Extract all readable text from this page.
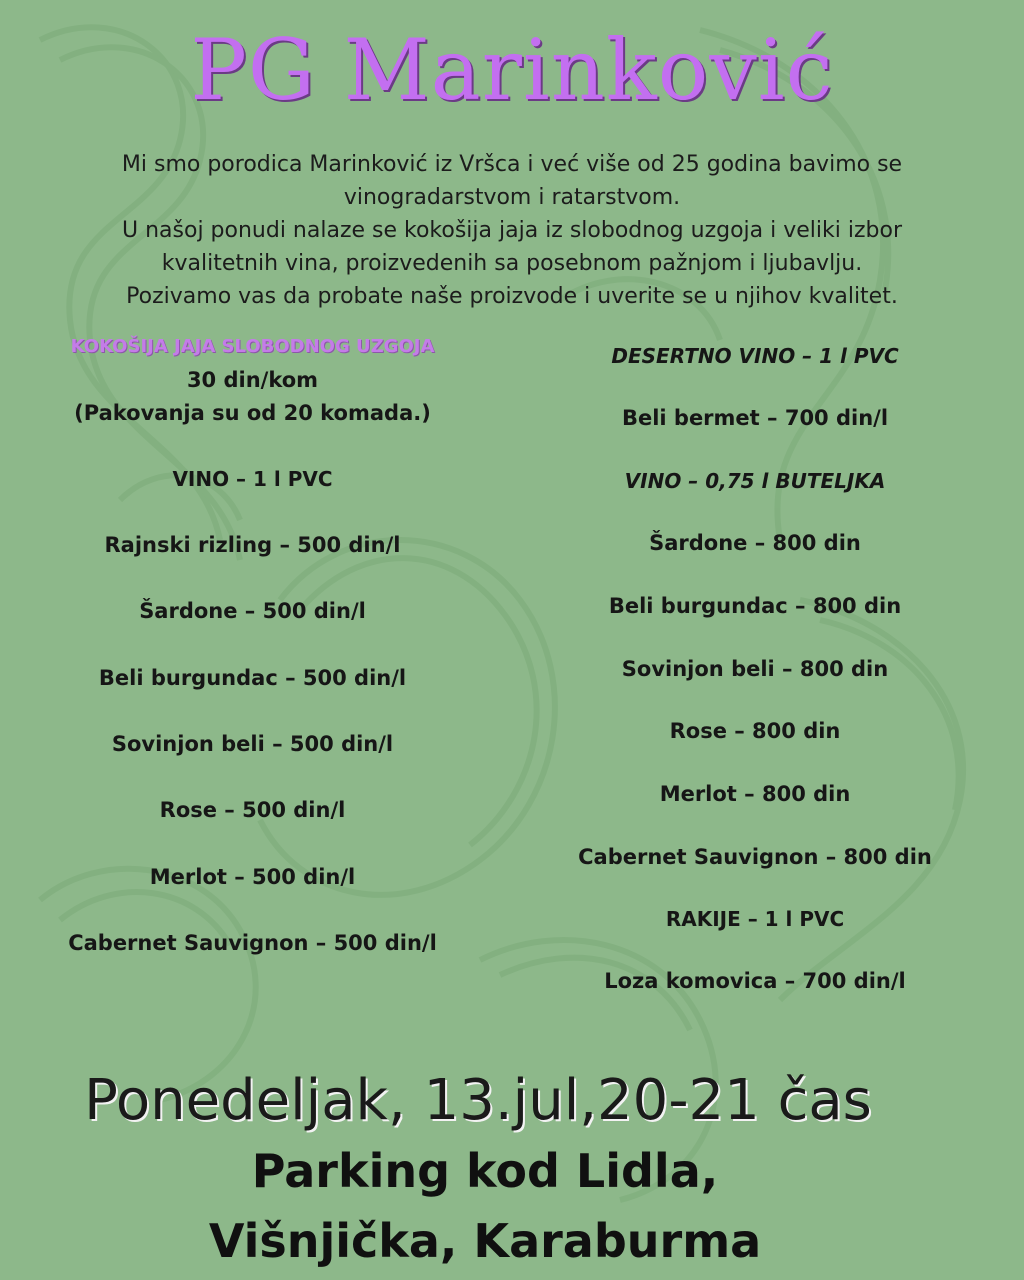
PG Marinković

Mi smo porodica Marinković iz Vršca i već više od 25 godina bavimo se vinogradarstvom i ratarstvom.

U našoj ponudi nalaze se kokošija jaja iz slobodnog uzgoja i veliki izbor kvalitetnih vina, proizvedenih sa posebnom pažnjom i ljubavlju.

Pozivamo vas da probate naše proizvode i uverite se u njihov kvalitet.

KOKOŠIJA JAJA SLOBODNOG UZGOJA
30 din/kom
(Pakovanja su od 20 komada.)
VINO – 1 l PVC
Rajnski rizling – 500 din/l
Šardone – 500 din/l
Beli burgundac – 500 din/l
Sovinjon beli – 500 din/l
Rose – 500 din/l
Merlot – 500 din/l
Cabernet Sauvignon – 500 din/l
DESERTNO VINO – 1 l PVC
Beli bermet – 700 din/l
VINO – 0,75 l BUTELJKA
Šardone – 800 din
Beli burgundac – 800 din
Sovinjon beli – 800 din
Rose – 800 din
Merlot – 800 din
Cabernet Sauvignon – 800 din
RAKIJE – 1 l PVC
Loza komovica – 700 din/l
Ponedeljak, 13.jul,20-21 čas
Parking kod Lidla,
Višnjička, Karaburma
